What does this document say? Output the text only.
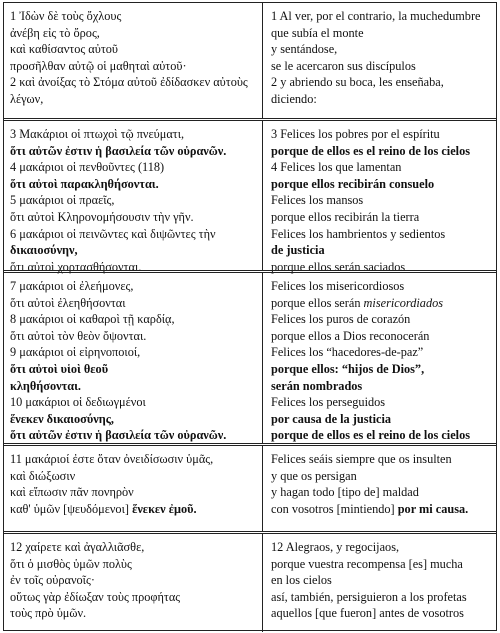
1 Ἰδὼν δὲ τοὺς ὄχλους
ἀνέβη εἰς τὸ ὄρος,
καὶ καθίσαντος αὐτοῦ
προσῆλθαν αὐτῷ οἱ μαθηταὶ αὐτοῦ·
2 καὶ ἀνοίξας τὸ Στόμα αὐτοῦ ἐδίδασκεν αὐτοὺς
λέγων,
1 Al ver, por el contrario, la muchedumbre
que subía el monte
y sentándose,
se le acercaron sus discípulos
2 y abriendo su boca, les enseñaba,
diciendo:
3 Μακάριοι οἱ πτωχοὶ τῷ πνεύματι,
ὅτι αὐτῶν ἐστιν ἡ βασιλεία τῶν οὐρανῶν.
4 μακάριοι οἱ πενθοῦντες (118)
ὅτι αὐτοὶ παρακληθήσονται.
5 μακάριοι οἱ πραεῖς,
ὅτι αὐτοὶ Κληρονομήσουσιν τὴν γῆν.
6 μακάριοι οἱ πεινῶντες καὶ διψῶντες τὴν
δικαιοσύνην,
ὅτι αὐτοὶ χορτασθήσονται.
3 Felices los pobres por el espíritu
porque de ellos es el reino de los cielos
4 Felices los que lamentan
porque ellos recibirán consuelo
Felices los mansos
porque ellos recibirán la tierra
Felices los hambrientos y sedientos
de justicia
porque ellos serán saciados
7 μακάριοι οἱ ἐλεήμονες,
ὅτι αὐτοὶ ἐλεηθήσονται
8 μακάριοι οἱ καθαροὶ τῇ καρδίᾳ,
ὅτι αὐτοὶ τὸν θεὸν ὄψονται.
9 μακάριοι οἱ εἰρηνοποιοί,
ὅτι αὐτοὶ υἱοὶ θεοῦ
κληθήσονται.
10 μακάριοι οἱ δεδιωγμένοι
ἕνεκεν δικαιοσύνης,
ὅτι αὐτῶν ἐστιν ἡ βασιλεία τῶν οὐρανῶν.
Felices los misericordiosos
porque ellos serán misericordiados
Felices los puros de corazón
porque ellos a Dios reconocerán
Felices los “hacedores-de-paz”
porque ellos: “hijos de Dios”,
serán nombrados
Felices los perseguidos
por causa de la justicia
porque de ellos es el reino de los cielos
11 μακάριοί ἐστε ὅταν ὀνειδίσωσιν ὑμᾶς,
καὶ διώξωσιν
καὶ εἴπωσιν πᾶν πονηρὸν
καθ' ὑμῶν [ψευδόμενοι] ἕνεκεν ἐμοῦ.
Felices seáis siempre que os insulten
y que os persigan
y hagan todo [tipo de] maldad
con vosotros [mintiendo] por mi causa.
12 χαίρετε καὶ ἀγαλλιᾶσθε,
ὅτι ὁ μισθὸς ὑμῶν πολὺς
ἐν τοῖς οὐρανοῖς·
οὕτως γὰρ ἐδίωξαν τοὺς προφήτας
τοὺς πρὸ ὑμῶν.
12 Alegraos, y regocijaos,
porque vuestra recompensa [es] mucha
en los cielos
así, también, persiguieron a los profetas
aquellos [que fueron] antes de vosotros
